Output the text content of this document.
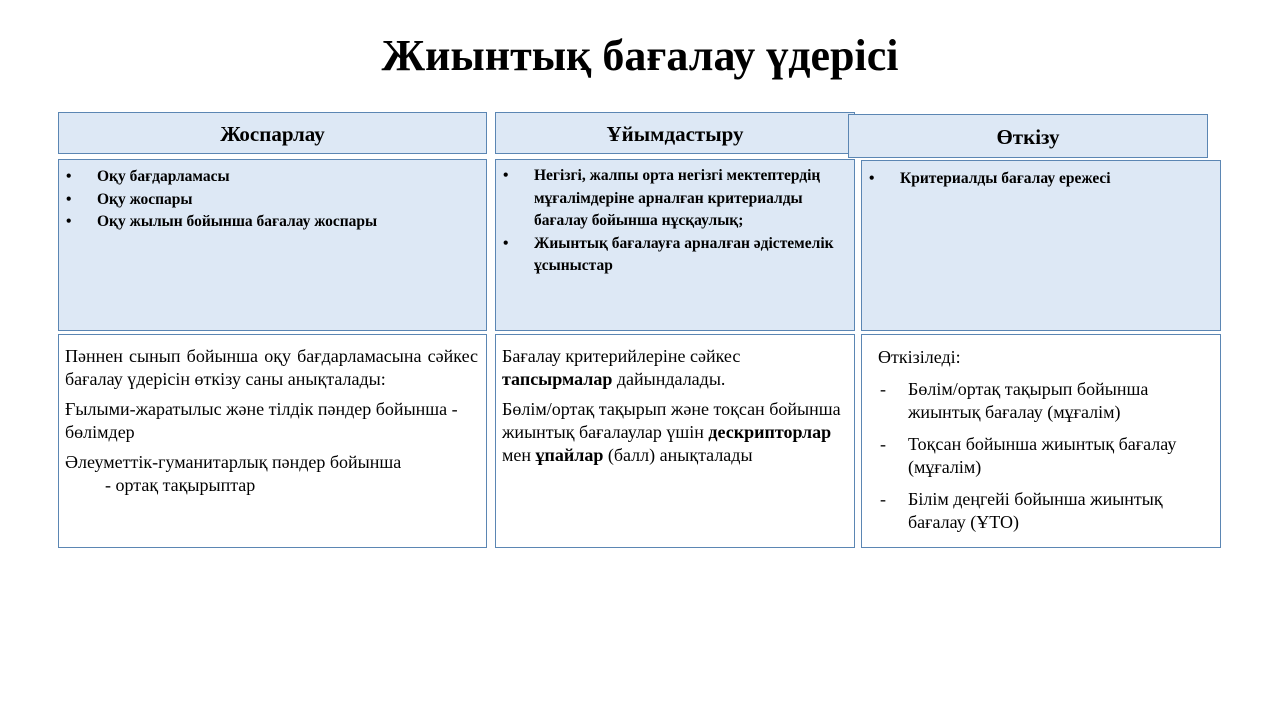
Жиынтық бағалау үдерісі
Жоспарлау
• Оқу бағдарламасы
• Оқу жоспары
• Оқу жылын бойынша бағалау жоспары

Пәннен сынып бойынша оқу бағдарламасына сәйкес бағалау үдерісін өткізу саны анықталады:

Ғылыми-жаратылыс және тілдік пәндер бойынша - бөлімдер

Әлеуметтік-гуманитарлық пәндер бойынша

- ортақ тақырыптар

Ұйымдастыру
• Негізгі, жалпы орта негізгі мектептердің мұғалімдеріне арналған критериалды бағалау бойынша нұсқаулық;
• Жиынтық бағалауға арналған әдістемелік ұсыныстар

Бағалау критерийлеріне сәйкес тапсырмалар дайындалады.

Бөлім/ортақ тақырып және тоқсан бойынша жиынтық бағалаулар үшін дескрипторлар мен ұпайлар (балл) анықталады

Өткізу
• Критериалды бағалау ережесі

Өткізіледі:

- Бөлім/ортақ тақырып бойынша жиынтық бағалау (мұғалім)
- Тоқсан бойынша жиынтық бағалау (мұғалім)
- Білім деңгейі бойынша жиынтық бағалау (ҰТО)
